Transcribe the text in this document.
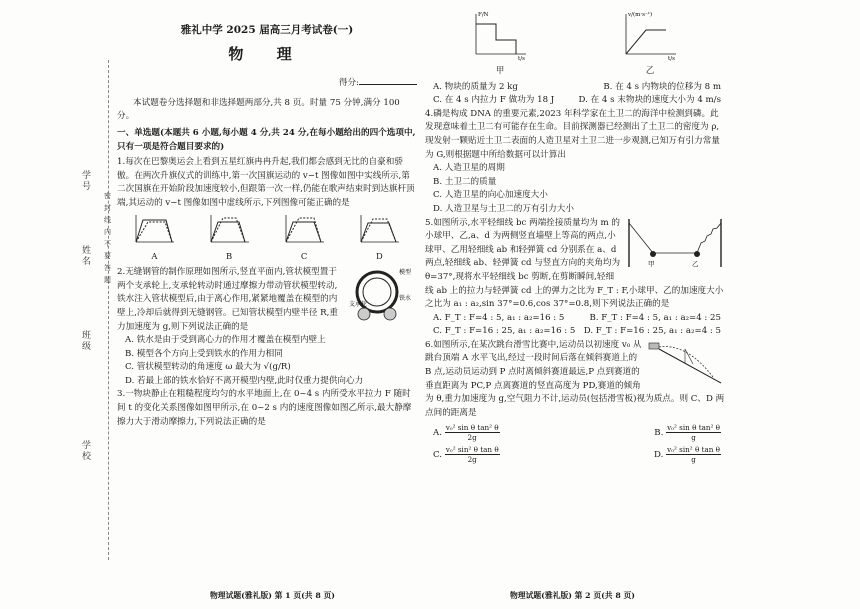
学号
姓名
班级
学校
密
封
线
内
不
要
答
题
雅礼中学 2025 届高三月考试卷(一)
物 理
得分:

本试题卷分选择题和非选择题两部分,共 8 页。时量 75 分钟,满分 100 分。

一、单选题(本题共 6 小题,每小题 4 分,共 24 分,在每小题给出的四个选项中,只有一项是符合题目要求的)

1.每次在巴黎奥运会上看到五星红旗冉冉升起,我们都会感到无比的自豪和骄傲。在两次升旗仪式的训练中,第一次国旗运动的 v−t 图像如图中实线所示,第二次国旗在开始阶段加速度较小,但跟第一次一样,仍能在歌声结束时到达旗杆顶端,其运动的 v−t 图像如图中虚线所示,下列图像可能正确的是

A	B	C	D
模型
支承轮
铁水

2.无缝钢管的制作原理如图所示,竖直平面内,管状模型置于两个支承轮上,支承轮转动时通过摩擦力带动管状模型转动,铁水注入管状模型后,由于离心作用,紧紧地覆盖在模型的内壁上,冷却后就得到无缝钢管。已知管状模型内壁半径 R,重力加速度为 g,则下列说法正确的是

A. 铁水是由于受到离心力的作用才覆盖在模型内壁上

B. 模型各个方向上受到铁水的作用力相同

C. 管状模型转动的角速度 ω 最大为 √(g/R)

D. 若最上部的铁水恰好不离开模型内壁,此时仅重力提供向心力

3.一物块静止在粗糙程度均匀的水平地面上,在 0~4 s 内所受水平拉力 F 随时间 t 的变化关系图像如图甲所示,在 0~2 s 内的速度图像如图乙所示,最大静摩擦力大于滑动摩擦力,下列说法正确的是

F/N
t/s
v/(m·s⁻¹)
t/s
甲	乙
A. 物块的质量为 2 kg	B. 在 4 s 内物块的位移为 8 m
C. 在 4 s 内拉力 F 做功为 18 J	D. 在 4 s 末物块的速度大小为 4 m/s

4.磷是构成 DNA 的重要元素,2023 年科学家在土卫二的海洋中检测到磷。此发现意味着土卫二有可能存在生命。目前探测器已经测出了土卫二的密度为 ρ,现发射一颗贴近土卫二表面的人造卫星对土卫二进一步观测,已知万有引力常量为 G,则根据题中所给数据可以计算出

A. 人造卫星的周期

B. 土卫二的质量

C. 人造卫星的向心加速度大小

D. 人造卫星与土卫二的万有引力大小

甲	乙

5.如图所示,水平轻细线 bc 两端拴接质量均为 m 的小球甲、乙,a、d 为两侧竖直墙壁上等高的两点,小球甲、乙用轻细线 ab 和轻弹簧 cd 分别系在 a、d 两点,轻细线 ab、轻弹簧 cd 与竖直方向的夹角均为 θ=37°,现将水平轻细线 bc 剪断,在剪断瞬间,轻细线 ab 上的拉力与轻弹簧 cd 上的弹力之比为 F_T : F,小球甲、乙的加速度大小之比为 a₁ : a₂,sin 37°=0.6,cos 37°=0.8,则下列说法正确的是

A. F_T : F=4 : 5, a₁ : a₂=16 : 5	B. F_T : F=4 : 5, a₁ : a₂=4 : 25
C. F_T : F=16 : 25, a₁ : a₂=16 : 5 D. F_T : F=16 : 25, a₁ : a₂=4 : 5

6.如图所示,在某次跳台滑雪比赛中,运动员以初速度 v₀ 从跳台顶端 A 水平飞出,经过一段时间后落在倾斜赛道上的 B 点,运动员运动到 P 点时离倾斜赛道最远,P 点到赛道的垂直距离为 PC,P 点离赛道的竖直高度为 PD,赛道的倾角为 θ,重力加速度为 g,空气阻力不计,运动员(包括滑雪板)视为质点。则 C、D 两点间的距离是

A. $\frac{\text{v₀² sin θ tan² θ}}{2g}$	B. $\frac{\text{v₀² sin θ tan² θ}}{g}$
C. $\frac{\text{v₀² sin² θ tan θ}}{2g}$	D. $\frac{\text{v₀² sin² θ tan θ}}{g}$
物理试题(雅礼版) 第 1 页(共 8 页)	物理试题(雅礼版) 第 2 页(共 8 页)
